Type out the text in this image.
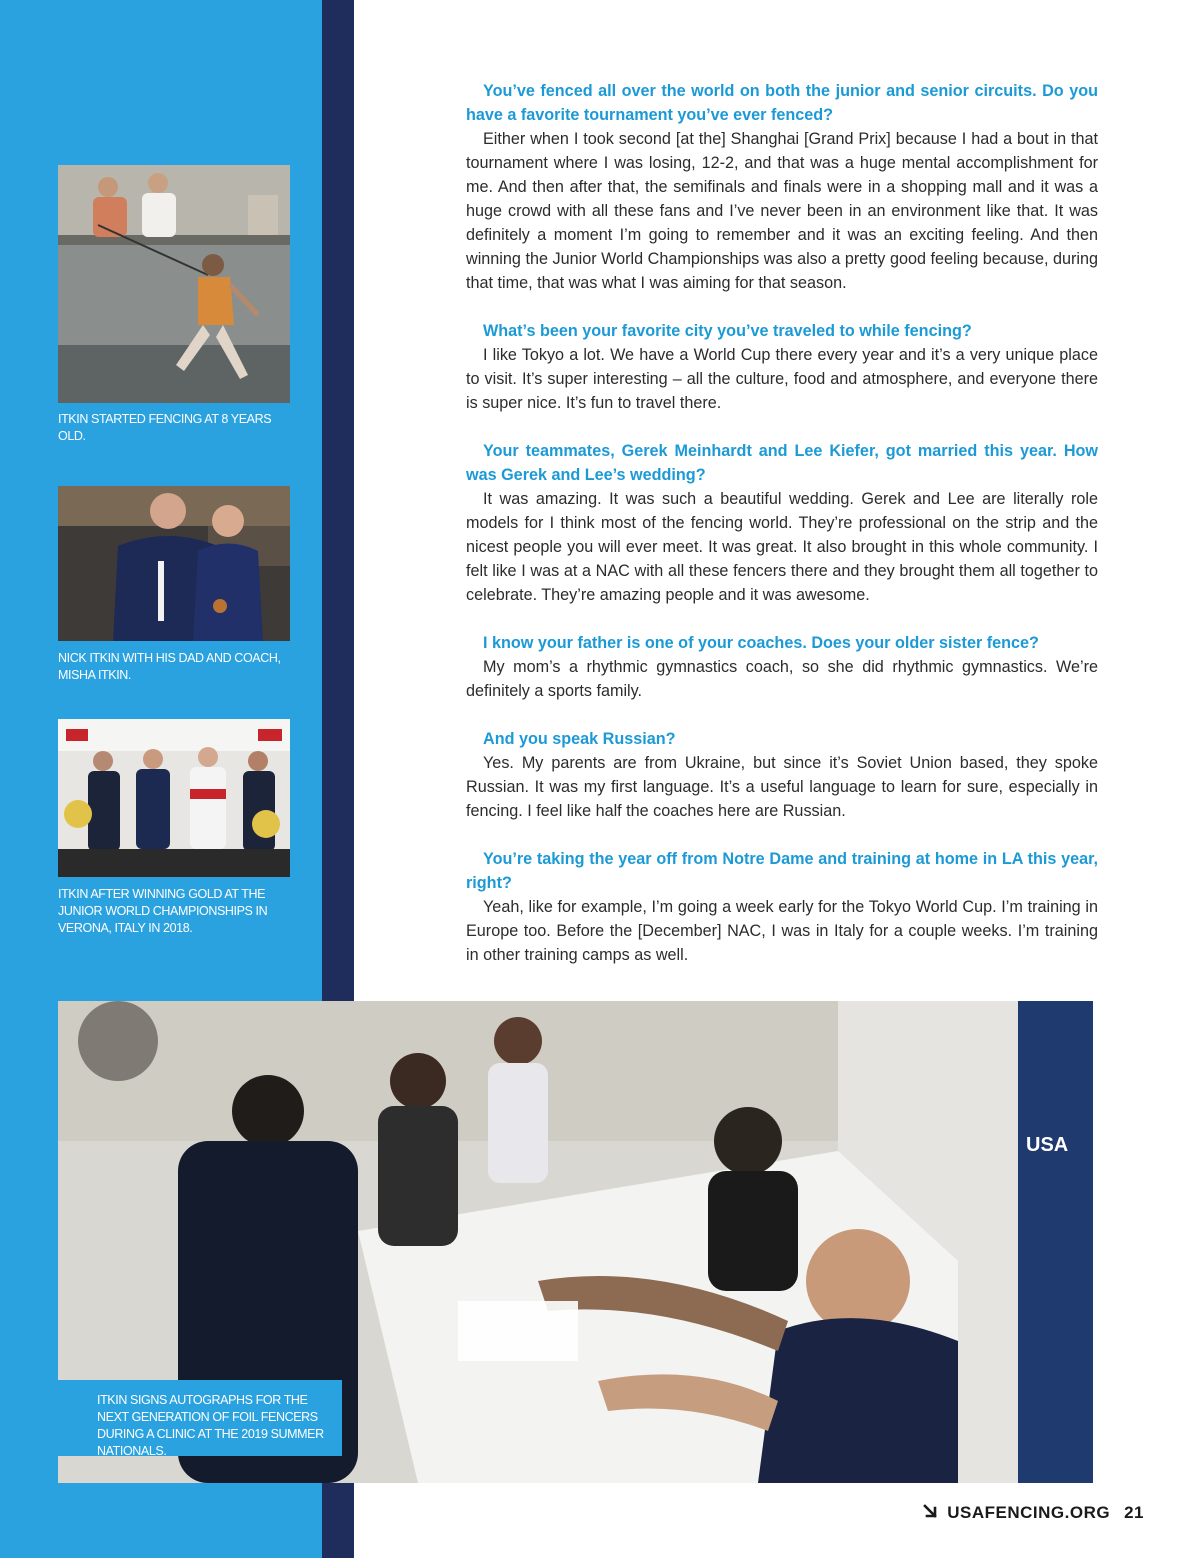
ITKIN STARTED FENCING AT 8 YEARS OLD.
NICK ITKIN WITH HIS DAD AND COACH, MISHA ITKIN.
ITKIN AFTER WINNING GOLD AT THE JUNIOR WORLD CHAMPIONSHIPS IN VERONA, ITALY IN 2018.

You’ve fenced all over the world on both the junior and senior circuits. Do you have a favorite tournament you’ve ever fenced?

Either when I took second [at the] Shanghai [Grand Prix] because I had a bout in that tournament where I was losing, 12-2, and that was a huge mental accomplishment for me. And then after that, the semifinals and finals were in a shopping mall and it was a huge crowd with all these fans and I’ve never been in an environment like that. It was definitely a moment I’m going to remember and it was an exciting feeling. And then winning the Junior World Championships was also a pretty good feeling because, during that time, that was what I was aiming for that season.

What’s been your favorite city you’ve traveled to while fencing?

I like Tokyo a lot. We have a World Cup there every year and it’s a very unique place to visit. It’s super interesting – all the culture, food and atmosphere, and everyone there is super nice. It’s fun to travel there.

Your teammates, Gerek Meinhardt and Lee Kiefer, got married this year. How was Gerek and Lee’s wedding?

It was amazing. It was such a beautiful wedding. Gerek and Lee are literally role models for I think most of the fencing world. They’re professional on the strip and the nicest people you will ever meet. It was great. It also brought in this whole community. I felt like I was at a NAC with all these fencers there and they brought them all together to celebrate. They’re amazing people and it was awesome.

I know your father is one of your coaches. Does your older sister fence?

My mom’s a rhythmic gymnastics coach, so she did rhythmic gymnastics. We’re definitely a sports family.

And you speak Russian?

Yes. My parents are from Ukraine, but since it’s Soviet Union based, they spoke Russian. It was my first language. It’s a useful language to learn for sure, especially in fencing. I feel like half the coaches here are Russian.

You’re taking the year off from Notre Dame and training at home in LA this year, right?

Yeah, like for example, I’m going a week early for the Tokyo World Cup. I’m training in Europe too. Before the [December] NAC, I was in Italy for a couple weeks. I’m training in other training camps as well.

USA
ITKIN SIGNS AUTOGRAPHS FOR THE NEXT GENERATION OF FOIL FENCERS DURING A CLINIC AT THE 2019 SUMMER NATIONALS.
USAFENCING.ORG 21
